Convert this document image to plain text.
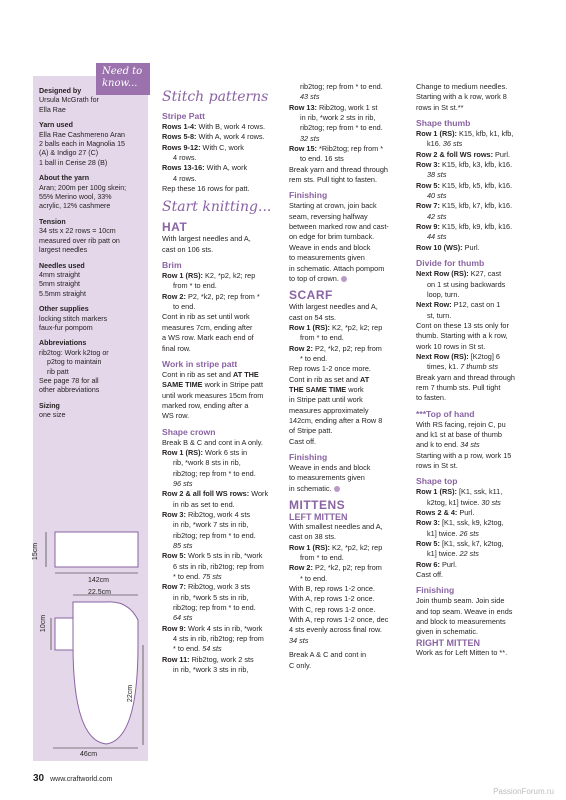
Need to
know...
Designed by
Ursula McGrath for
Ella Rae
Yarn used
Ella Rae Cashmereno Aran
2 balls each in Magnolia 15
(A) & Indigo 27 (C)
1 ball in Cerise 28 (B)
About the yarn
Aran; 200m per 100g skein;
55% Merino wool, 33%
acrylic, 12% cashmere
Tension
34 sts x 22 rows = 10cm
measured over rib patt on
largest needles
Needles used
4mm straight
5mm straight
5.5mm straight
Other supplies
locking stitch markers
faux-fur pompom
Abbreviations
rib2tog: Work k2tog or
p2tog to maintain
rib patt
See page 78 for all
other abbreviations
Sizing
one size
15cm
142cm
22.5cm
10cm
22cm
46cm
Stitch patterns
Stripe Patt
Rows 1-4: With B, work 4 rows.
Rows 5-8: With A, work 4 rows.
Rows 9-12: With C, work
4 rows.
Rows 13-16: With A, work
4 rows.
Rep these 16 rows for patt.
Start knitting...
HAT
With largest needles and A,
cast on 106 sts.
Brim
Row 1 (RS): K2, *p2, k2; rep
from * to end.
Row 2: P2, *k2, p2; rep from *
to end.
Cont in rib as set until work
measures 7cm, ending after
a WS row. Mark each end of
final row.
Work in stripe patt
Cont in rib as set and AT THE
SAME TIME work in Stripe patt
until work measures 15cm from
marked row, ending after a
WS row.
Shape crown
Break B & C and cont in A only.
Row 1 (RS): Work 6 sts in
rib, *work 8 sts in rib,
rib2tog; rep from * to end.
96 sts
Row 2 & all foll WS rows: Work
in rib as set to end.
Row 3: Rib2tog, work 4 sts
in rib, *work 7 sts in rib,
rib2tog; rep from * to end.
85 sts
Row 5: Work 5 sts in rib, *work
6 sts in rib, rib2tog; rep from
* to end. 75 sts
Row 7: Rib2tog, work 3 sts
in rib, *work 5 sts in rib,
rib2tog; rep from * to end.
64 sts
Row 9: Work 4 sts in rib, *work
4 sts in rib, rib2tog; rep from
* to end. 54 sts
Row 11: Rib2tog, work 2 sts
in rib, *work 3 sts in rib,
rib2tog; rep from * to end.
43 sts
Row 13: Rib2tog, work 1 st
in rib, *work 2 sts in rib,
rib2tog; rep from * to end.
32 sts
Row 15: *Rib2tog; rep from *
to end. 16 sts
Break yarn and thread through
rem sts. Pull tight to fasten.
Finishing
Starting at crown, join back
seam, reversing halfway
between marked row and cast-
on edge for brim turnback.
Weave in ends and block
to measurements given
in schematic. Attach pompom
to top of crown.
SCARF
With largest needles and A,
cast on 54 sts.
Row 1 (RS): K2, *p2, k2; rep
from * to end.
Row 2: P2, *k2, p2; rep from
* to end.
Rep rows 1-2 once more.
Cont in rib as set and AT
THE SAME TIME work
in Stripe patt until work
measures approximately
142cm, ending after a Row 8
of Stripe patt.
Cast off.
Finishing
Weave in ends and block
to measurements given
in schematic.
MITTENS
LEFT MITTEN
With smallest needles and A,
cast on 38 sts.
Row 1 (RS): K2, *p2, k2; rep
from * to end.
Row 2: P2, *k2, p2; rep from
* to end.
With B, rep rows 1-2 once.
With A, rep rows 1-2 once.
With C, rep rows 1-2 once.
With A, rep rows 1-2 once, dec
4 sts evenly across final row.
34 sts
Break A & C and cont in
C only.
Change to medium needles.
Starting with a k row, work 8
rows in St st.**
Shape thumb
Row 1 (RS): K15, kfb, k1, kfb,
k16. 36 sts
Row 2 & foll WS rows: Purl.
Row 3: K15, kfb, k3, kfb, k16.
38 sts
Row 5: K15, kfb, k5, kfb, k16.
40 sts
Row 7: K15, kfb, k7, kfb, k16.
42 sts
Row 9: K15, kfb, k9, kfb, k16.
44 sts
Row 10 (WS): Purl.
Divide for thumb
Next Row (RS): K27, cast
on 1 st using backwards
loop, turn.
Next Row: P12, cast on 1
st, turn.
Cont on these 13 sts only for
thumb. Starting with a k row,
work 10 rows in St st.
Next Row (RS): [K2tog] 6
times, k1. 7 thumb sts
Break yarn and thread through
rem 7 thumb sts. Pull tight
to fasten.
***Top of hand
With RS facing, rejoin C, pu
and k1 st at base of thumb
and k to end. 34 sts
Starting with a p row, work 15
rows in St st.
Shape top
Row 1 (RS): [K1, ssk, k11,
k2tog, k1] twice. 30 sts
Rows 2 & 4: Purl.
Row 3: [K1, ssk, k9, k2tog,
k1] twice. 26 sts
Row 5: [K1, ssk, k7, k2tog,
k1] twice. 22 sts
Row 6: Purl.
Cast off.
Finishing
Join thumb seam. Join side
and top seam. Weave in ends
and block to measurements
given in schematic.
RIGHT MITTEN
Work as for Left Mitten to **.
30 www.craftworld.com
PassionForum.ru
